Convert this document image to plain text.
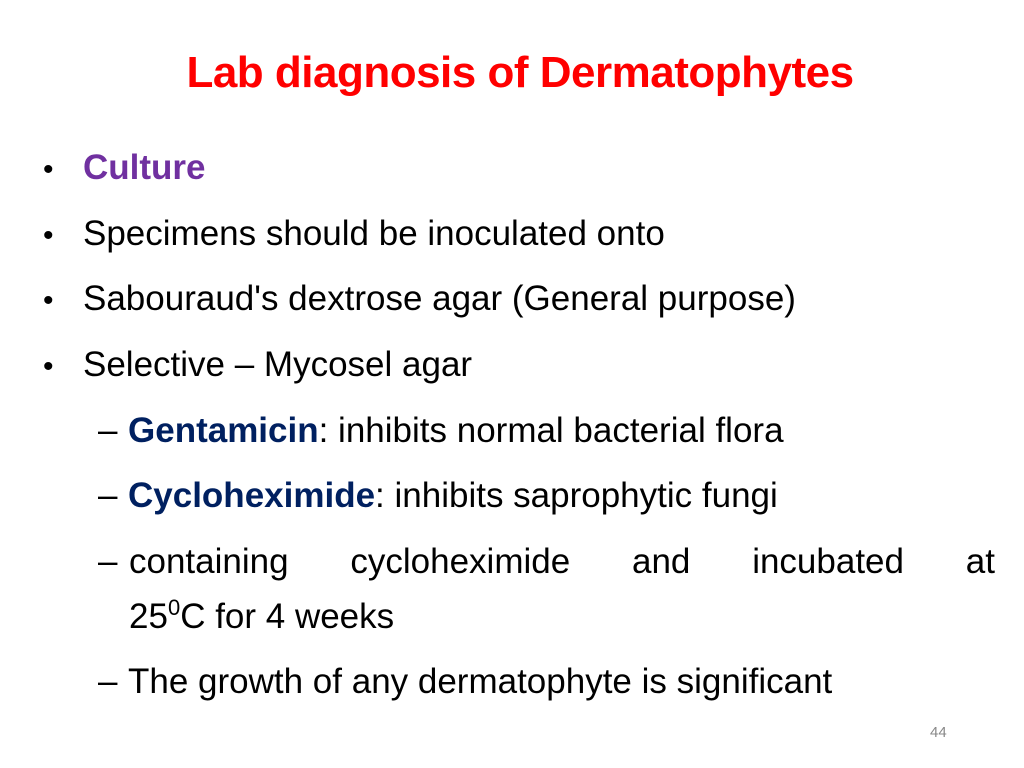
Lab diagnosis of Dermatophytes
• Culture
• Specimens should be inoculated onto
• Sabouraud's dextrose agar (General purpose)
• Selective – Mycosel agar
– Gentamicin: inhibits normal bacterial flora
– Cycloheximide: inhibits saprophytic fungi
– containing cycloheximide and incubated at
$25^0C$ for 4 weeks
– The growth of any dermatophyte is significant
44
